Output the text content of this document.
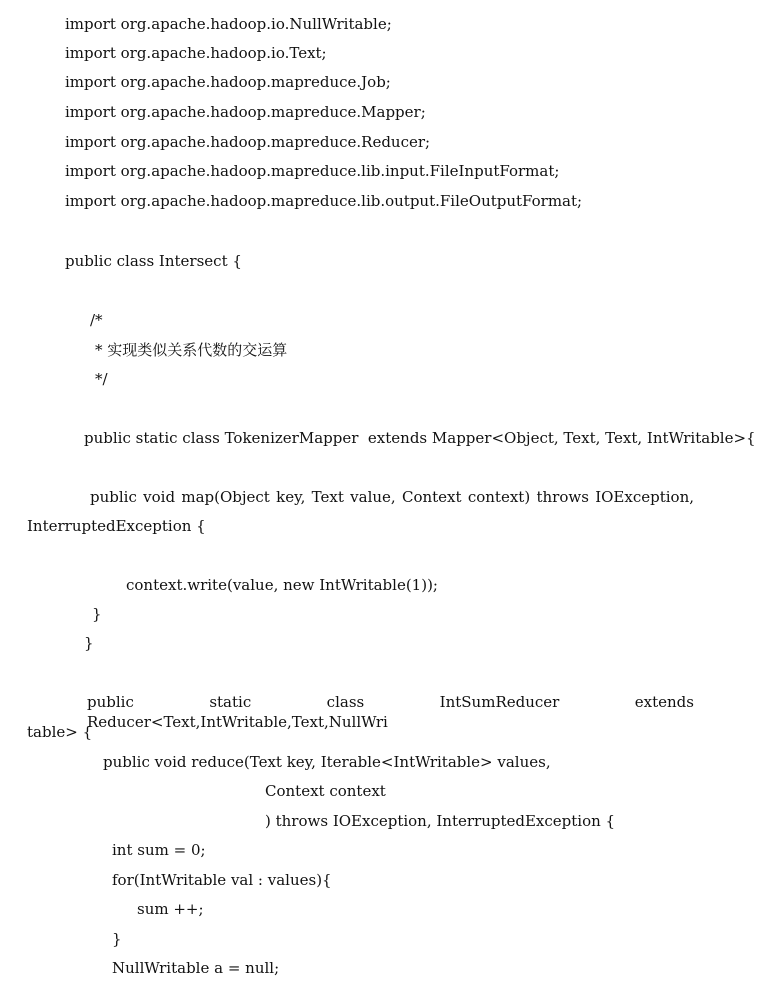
import org.apache.hadoop.io.NullWritable;

import org.apache.hadoop.io.Text;

import org.apache.hadoop.mapreduce.Job;

import org.apache.hadoop.mapreduce.Mapper;

import org.apache.hadoop.mapreduce.Reducer;

import org.apache.hadoop.mapreduce.lib.input.FileInputFormat;

import org.apache.hadoop.mapreduce.lib.output.FileOutputFormat;

public class Intersect {

/*

* 实现类似关系代数的交运算

*/

public static class TokenizerMapper  extends Mapper<Object, Text, Text, IntWritable>{

public void map(Object key, Text value, Context context) throws IOException,

InterruptedException {

context.write(value, new IntWritable(1));

}

}

public static class IntSumReducer extends Reducer<Text,IntWritable,Text,NullWri

table> {

public void reduce(Text key, Iterable<IntWritable> values,

Context context

) throws IOException, InterruptedException {

int sum = 0;

for(IntWritable val : values){

sum ++;

}

NullWritable a = null;
